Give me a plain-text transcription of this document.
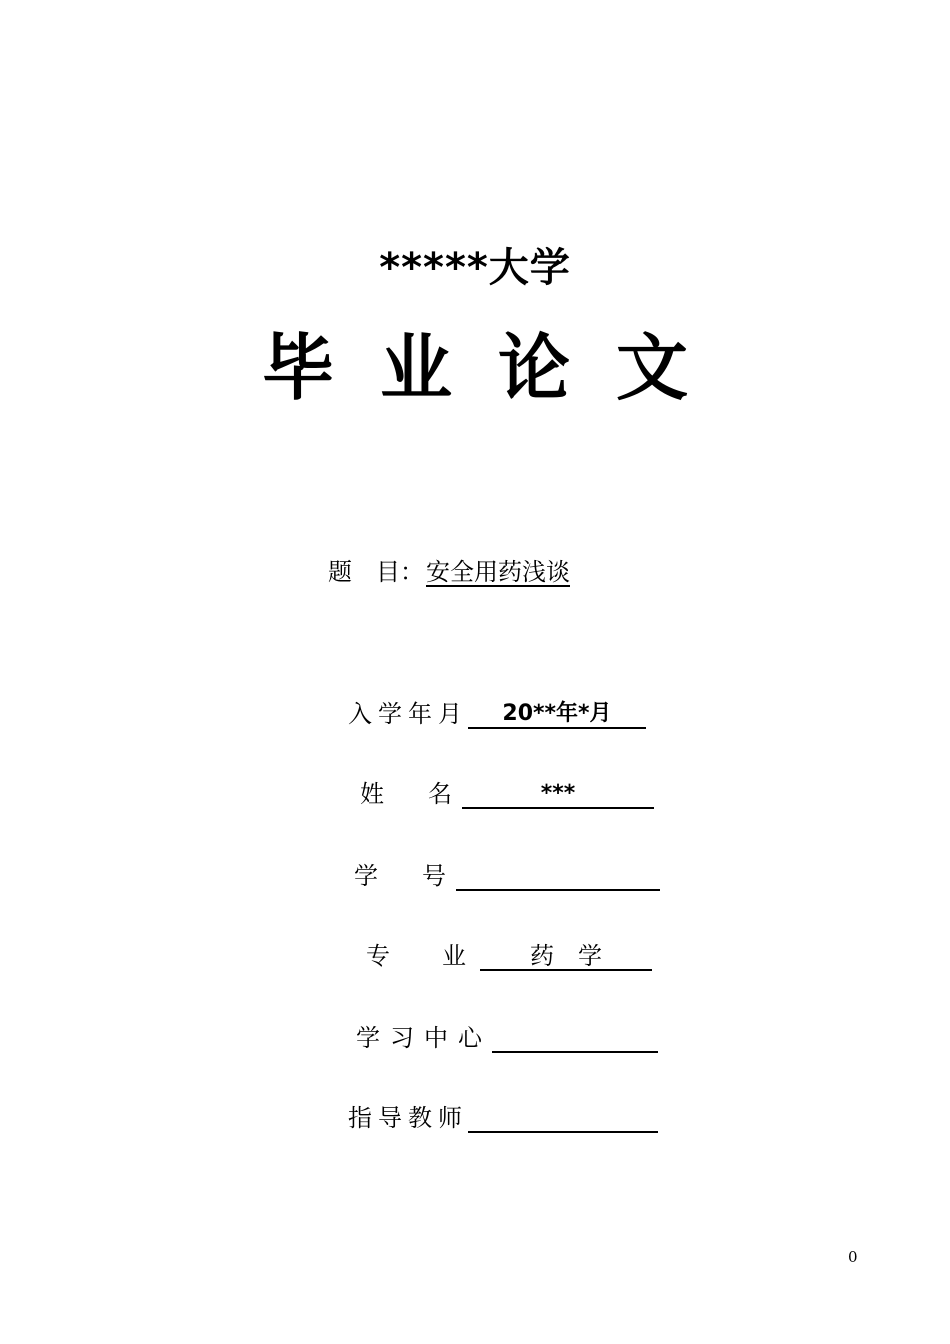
*****大学
毕业论文
题　目：安全用药浅谈
入学年月 20**年*月
姓　名	***
学　号
专　业 药　学
学习中心
指导教师
0
